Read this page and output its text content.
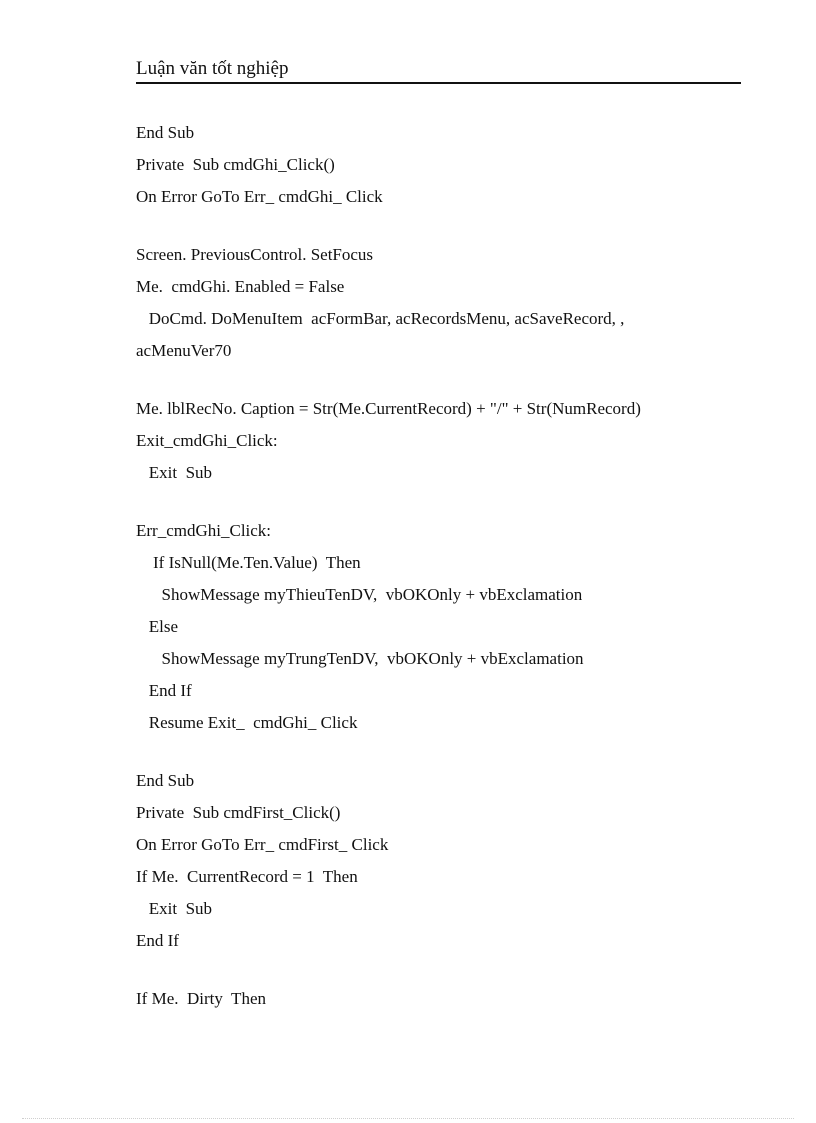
Luận văn tốt nghiệp
End Sub
Private  Sub cmdGhi_Click()
On Error GoTo Err_ cmdGhi_ Click
Screen. PreviousControl. SetFocus
Me.  cmdGhi. Enabled = False
DoCmd. DoMenuItem  acFormBar, acRecordsMenu, acSaveRecord, ,
acMenuVer70
Me. lblRecNo. Caption = Str(Me.CurrentRecord) + "/" + Str(NumRecord)
Exit_cmdGhi_Click:
Exit  Sub
Err_cmdGhi_Click:
If IsNull(Me.Ten.Value)  Then
ShowMessage myThieuTenDV,  vbOKOnly + vbExclamation
Else
ShowMessage myTrungTenDV,  vbOKOnly + vbExclamation
End If
Resume Exit_  cmdGhi_ Click
End Sub
Private  Sub cmdFirst_Click()
On Error GoTo Err_ cmdFirst_ Click
If Me.  CurrentRecord = 1  Then
Exit  Sub
End If
If Me.  Dirty  Then
